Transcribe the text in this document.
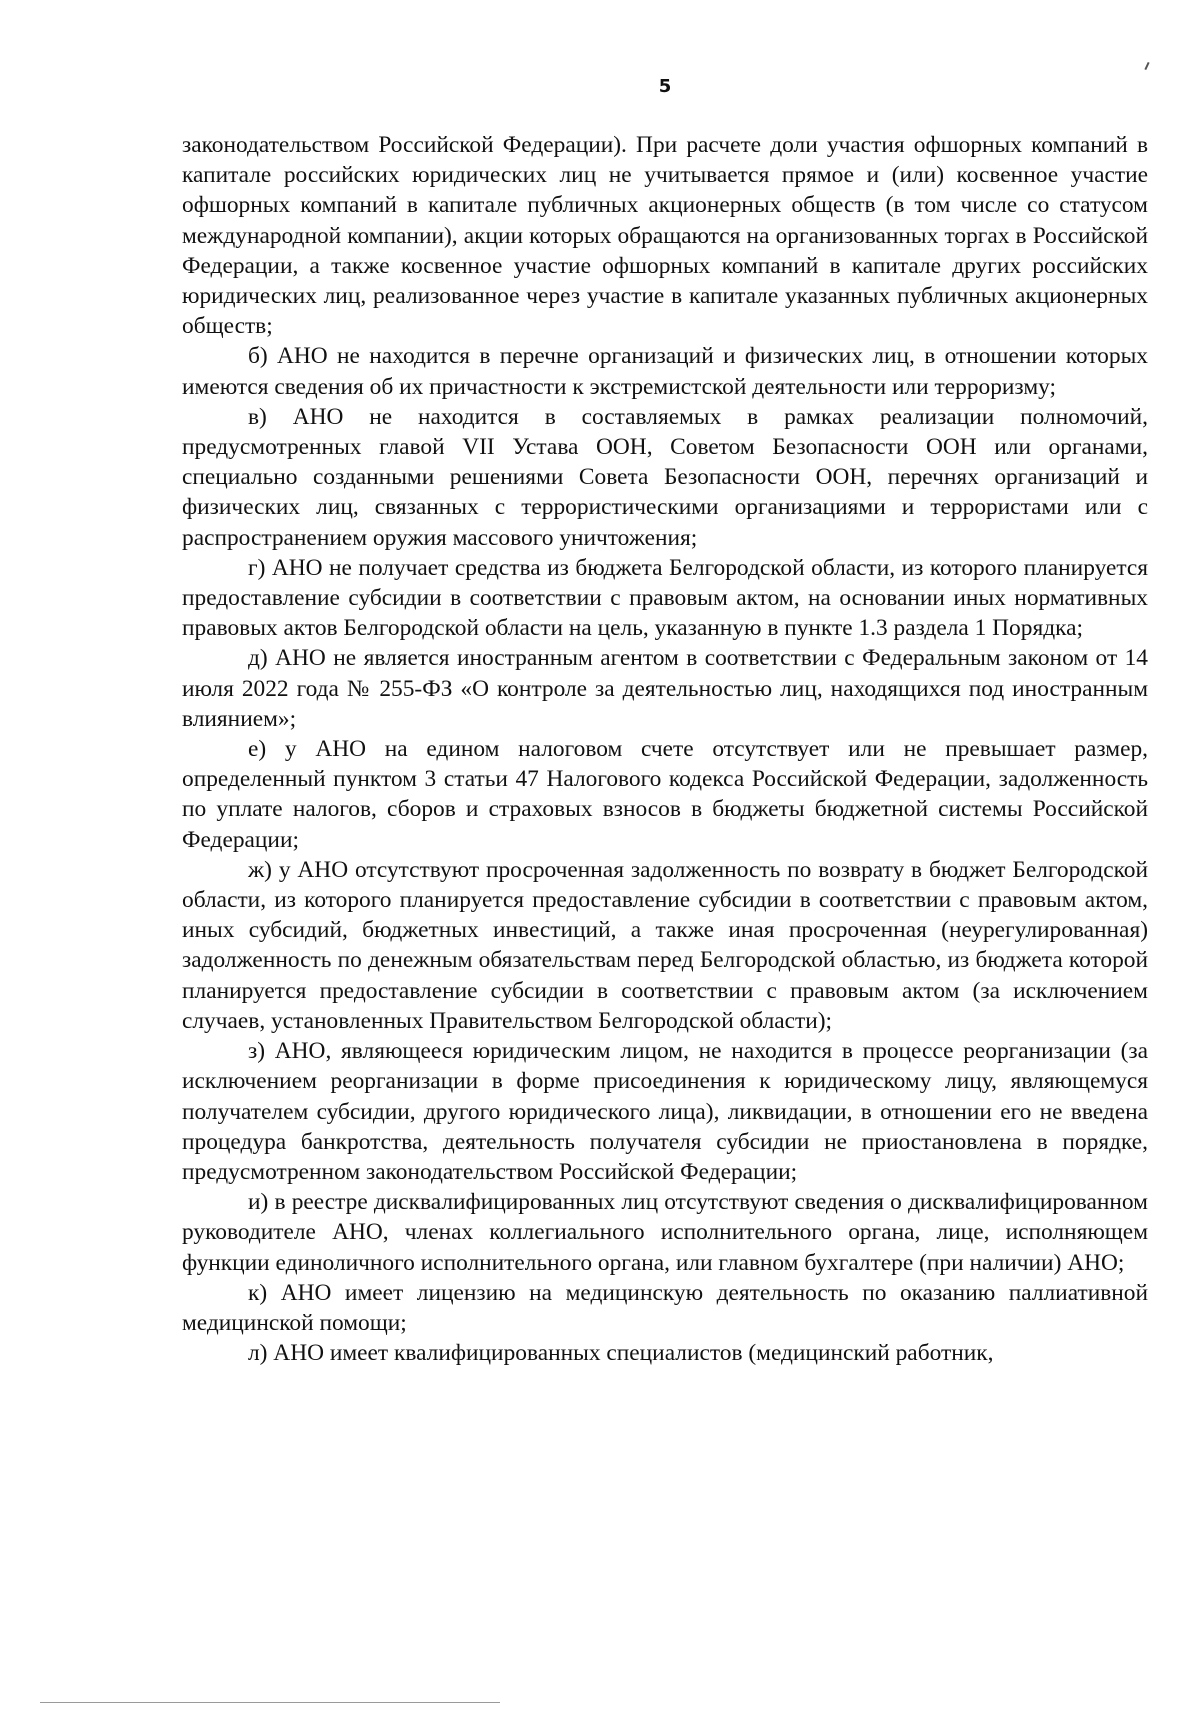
5

законодательством Российской Федерации). При расчете доли участия офшорных компаний в капитале российских юридических лиц не учитывается прямое и (или) косвенное участие офшорных компаний в капитале публичных акционерных обществ (в том числе со статусом международной компании), акции которых обращаются на организованных торгах в Российской Федерации, а также косвенное участие офшорных компаний в капитале других российских юридических лиц, реализованное через участие в капитале указанных публичных акционерных обществ;

б) АНО не находится в перечне организаций и физических лиц, в отношении которых имеются сведения об их причастности к экстремистской деятельности или терроризму;

в) АНО не находится в составляемых в рамках реализации полномочий, предусмотренных главой VII Устава ООН, Советом Безопасности ООН или органами, специально созданными решениями Совета Безопасности ООН, перечнях организаций и физических лиц, связанных с террористическими организациями и террористами или с распространением оружия массового уничтожения;

г) АНО не получает средства из бюджета Белгородской области, из которого планируется предоставление субсидии в соответствии с правовым актом, на основании иных нормативных правовых актов Белгородской области на цель, указанную в пункте 1.3 раздела 1 Порядка;

д) АНО не является иностранным агентом в соответствии с Федеральным законом от 14 июля 2022 года № 255-ФЗ «О контроле за деятельностью лиц, находящихся под иностранным влиянием»;

е) у АНО на едином налоговом счете отсутствует или не превышает размер, определенный пунктом 3 статьи 47 Налогового кодекса Российской Федерации, задолженность по уплате налогов, сборов и страховых взносов в бюджеты бюджетной системы Российской Федерации;

ж) у АНО отсутствуют просроченная задолженность по возврату в бюджет Белгородской области, из которого планируется предоставление субсидии в соответствии с правовым актом, иных субсидий, бюджетных инвестиций, а также иная просроченная (неурегулированная) задолженность по денежным обязательствам перед Белгородской областью, из бюджета которой планируется предоставление субсидии в соответствии с правовым актом (за исключением случаев, установленных Правительством Белгородской области);

з) АНО, являющееся юридическим лицом, не находится в процессе реорганизации (за исключением реорганизации в форме присоединения к юридическому лицу, являющемуся получателем субсидии, другого юридического лица), ликвидации, в отношении его не введена процедура банкротства, деятельность получателя субсидии не приостановлена в порядке, предусмотренном законодательством Российской Федерации;

и) в реестре дисквалифицированных лиц отсутствуют сведения о дисквалифицированном руководителе АНО, членах коллегиального исполнительного органа, лице, исполняющем функции единоличного исполнительного органа, или главном бухгалтере (при наличии) АНО;

к) АНО имеет лицензию на медицинскую деятельность по оказанию паллиативной медицинской помощи;

л) АНО имеет квалифицированных специалистов (медицинский работник,
